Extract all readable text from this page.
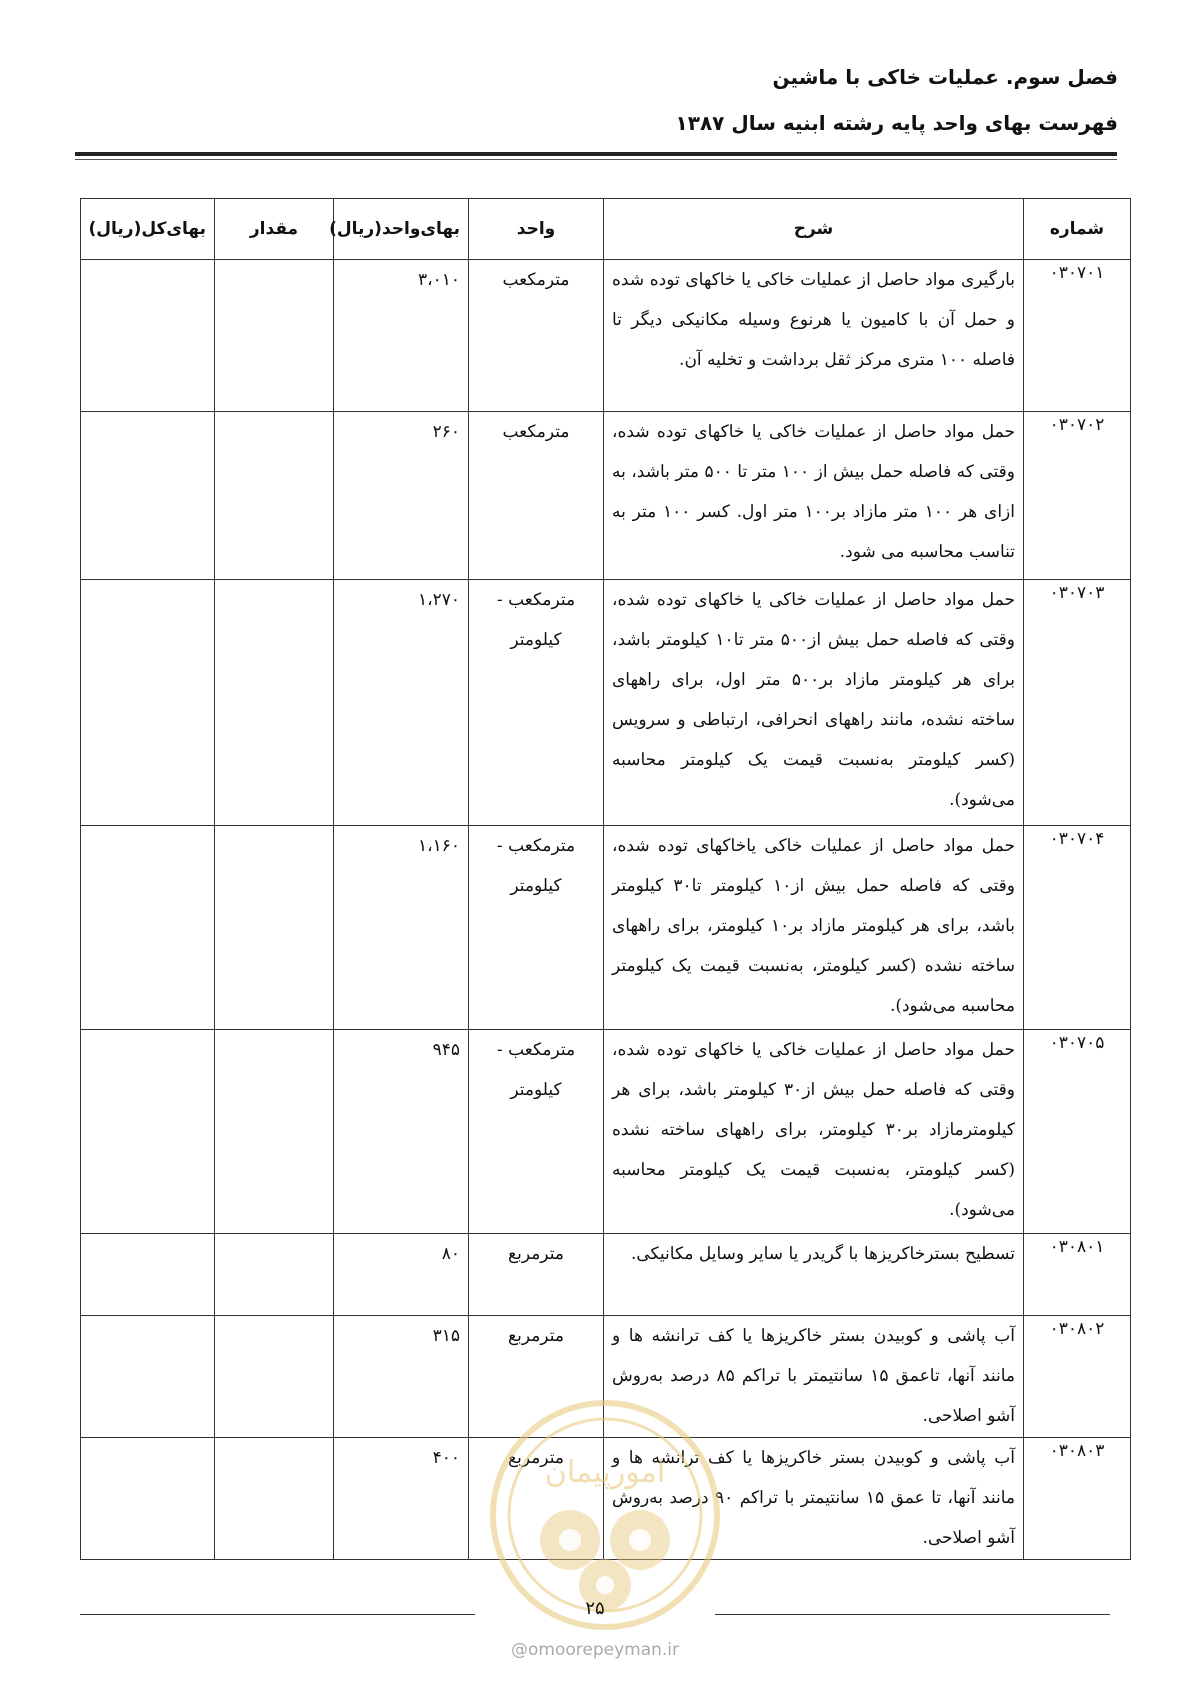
فصل سوم. عملیات خاکی با ماشین
فهرست بهای واحد پایه رشته ابنیه سال ۱۳۸۷
شماره	شرح	واحد	بهای‌واحد(ریال)	مقدار	بهای‌کل(ریال)
۰۳۰۷۰۱	بارگیری مواد حاصل از عملیات خاکی یا خاکهای توده شده و حمل آن با کامیون یا هرنوع وسیله مکانیکی دیگر تا فاصله ۱۰۰ متری مرکز ثقل برداشت و تخلیه آن.	مترمکعب	۳،۰۱۰		
۰۳۰۷۰۲	حمل مواد حاصل از عملیات خاکی یا خاکهای توده شده، وقتی که فاصله حمل بیش از ۱۰۰ متر تا ۵۰۰ متر باشد، به ازای هر ۱۰۰ متر مازاد بر۱۰۰ متر اول. کسر ۱۰۰ متر به تناسب محاسبه می شود.	مترمکعب	۲۶۰		
۰۳۰۷۰۳	حمل مواد حاصل از عملیات خاکی یا خاکهای توده شده، وقتی که فاصله حمل بیش از۵۰۰ متر تا۱۰ کیلومتر باشد، برای هر کیلومتر مازاد بر۵۰۰ متر اول، برای راههای ساخته نشده، مانند راههای انحرافی، ارتباطی و سرویس (کسر کیلومتر به‌نسبت قیمت یک کیلومتر محاسبه می‌شود).	مترمکعب - کیلومتر	۱،۲۷۰		
۰۳۰۷۰۴	حمل مواد حاصل از عملیات خاکی یاخاکهای توده شده، وقتی که فاصله حمل بیش از۱۰ کیلومتر تا۳۰ کیلومتر باشد، برای هر کیلومتر مازاد بر۱۰ کیلومتر، برای راههای ساخته نشده (کسر کیلومتر، به‌نسبت قیمت یک کیلومتر محاسبه می‌شود).	مترمکعب - کیلومتر	۱،۱۶۰		
۰۳۰۷۰۵	حمل مواد حاصل از عملیات خاکی یا خاکهای توده شده، وقتی که فاصله حمل بیش از۳۰ کیلومتر باشد، برای هر کیلومترمازاد بر۳۰ کیلومتر، برای راههای ساخته نشده (کسر کیلومتر، به‌نسبت قیمت یک کیلومتر محاسبه می‌شود).	مترمکعب - کیلومتر	۹۴۵		
۰۳۰۸۰۱	تسطیح بسترخاکریزها با گریدر یا سایر وسایل مکانیکی.	مترمربع	۸۰		
۰۳۰۸۰۲	آب پاشی و کوبیدن بستر خاکریزها یا کف ترانشه ها و مانند آنها، تاعمق ۱۵ سانتیمتر با تراکم ۸۵ درصد به‌روش آشو اصلاحی.	مترمربع	۳۱۵		
۰۳۰۸۰۳	آب پاشی و کوبیدن بستر خاکریزها یا کف ترانشه ها و مانند آنها، تا عمق ۱۵ سانتیمتر با تراکم ۹۰ درصد به‌روش آشو اصلاحی.	مترمربع	۴۰۰			امورپیمان
۲۵
@omoorepeyman.ir
